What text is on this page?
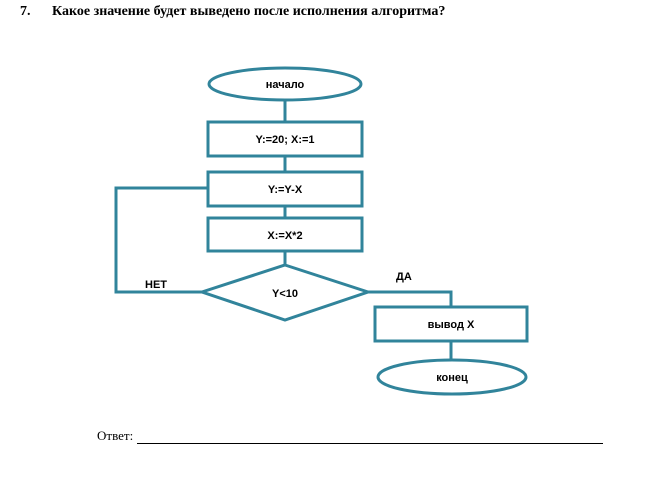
7. Какое значение будет выведено после исполнения алгоритма?
начало
Y:=20; X:=1
Y:=Y-X
X:=X*2
Y<10
НЕТ
ДА
вывод X
конец
Ответ:
